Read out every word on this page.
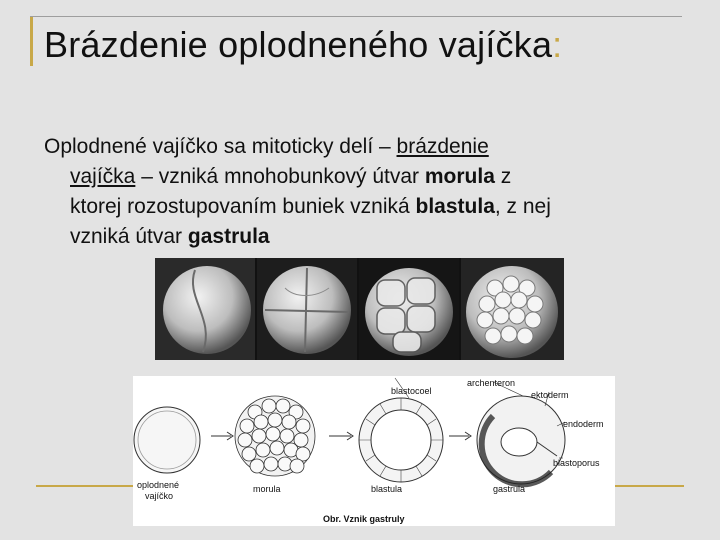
Brázdenie oplodneného vajíčka:
Oplodnené vajíčko sa mitoticky delí – brázdenie
vajíčka – vzniká mnohobunkový útvar morula z
ktorej rozostupovaním buniek vzniká blastula, z nej
vzniká útvar gastrula
blastocoel
archenteron
ektoderm
endoderm
blastoporus
oplodnené
vajíčko
morula	blastula	gastrula
Obr. Vznik gastruly
